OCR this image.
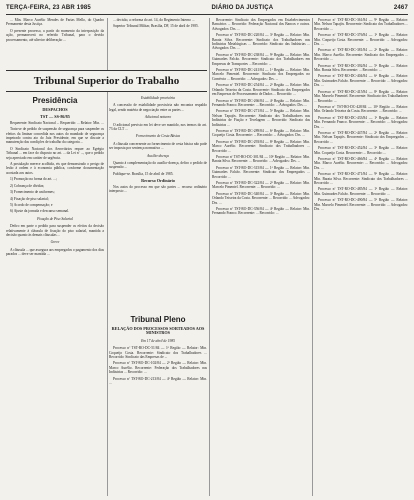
TERÇA-FEIRA, 23 ABR 1985	DIÁRIO DA JUSTIÇA	2467

... Min. Marco Aurélio Mendes de Farias Mello, do Quadro Permanente desta Justiça.

O presente processo, a partir do momento da interposição da ação, permanecerá no referido Tribunal, para o devido processamento, até ulterior deliberação ...

Tribunal Superior do Trabalho
Presidência
DESPACHOS
TST — SS-86/85

Requerente: Sindicato Nacional ... Requerido: ... Relator: Min. ...

Trata-se de pedido de suspensão de segurança para suspender os efeitos da liminar concedida nos autos do mandado de segurança impetrado contra ato do Juiz Presidente, em que se discute a manutenção das condições de trabalho da categoria ...

O Sindicato Nacional dos Aeroviários requer ao Egrégio Tribunal ... em face do disposto no art. ... da Lei nº ..., que o pedido seja apreciado em caráter de urgência.

A postulação merece acolhida, eis que demonstrado o perigo de lesão à ordem e à economia pública, conforme documentação acostada aos autos.

1) Promoção na forma do art. ...;

2) Cobrança de dívidas;

3) Fornecimento de uniformes;

4) Fixação de piso salarial;

5) Acordo de compensação; e

6) Ajuste da jornada e descanso semanal.

Fixação de Piso Salarial

Defiro em parte o pedido para suspender os efeitos da decisão relativamente à cláusula de fixação do piso salarial, mantida a decisão quanto às demais cláusulas ...

Greve

A cláusula ... que assegura aos empregados o pagamento dos dias parados ... deve ser mantida ...

... decisão, a reforma do art. 14, do Regimento Interno ...

Superior Tribunal Militar, Brasília, DF, 15 de abril de 1985.

Estabilidade provisória

A concessão de estabilidade provisória não encontra respaldo legal, sendo matéria de negociação entre as partes ...

Adicional noturno

O adicional previsto em lei deve ser mantido, nos termos do art. 73 da CLT ...

Fornecimento de Cesta Básica

A cláusula concernente ao fornecimento de cesta básica não pode ser imposta por sentença normativa ...

Auxílio-doença

Quanto à complementação do auxílio-doença, defiro o pedido de suspensão ...

Publique-se. Brasília, 15 de abril de 1985.

Recurso Ordinário

Nos autos do processo em que são partes ... recurso ordinário interposto ...

Tribunal Pleno
RELAÇÃO DOS PROCESSOS SORTEADOS AOS MINISTROS
Em 17 de abril de 1985

Processo nº TST-RO-DC-51/84 — 1ª Região — Relator: Min. Coqueijo Costa. Recorrente: Sindicato dos Trabalhadores ... Recorrido: Sindicato das Empresas de ...

Processo nº TST-RO-DC-102/84 — 2ª Região — Relator: Min. Marco Aurélio. Recorrente: Federação dos Trabalhadores nas Indústrias ... Recorrido: ...

Processo nº TST-RO-DC-213/84 — 4ª Região — Relator: Min. ...

Recorrente: Sindicato dos Empregados em Estabelecimentos Bancários ... Recorrido: Federação Nacional dos Bancos e outros. Advogados: Drs. ...

Processo nº TST-RO-DC-220/84 — 3ª Região — Relator: Min. Barata Silva. Recorrente: Sindicato dos Trabalhadores nas Indústrias Metalúrgicas ... Recorrido: Sindicato das Indústrias ... Advogados: Drs. ...

Processo nº TST-RO-DC-238/84 — 9ª Região — Relator: Min. Guimarães Falcão. Recorrente: Sindicato dos Trabalhadores em Empresas de Transportes ... Recorrido: ...

Processo nº TST-RO-DC-241/84 — 1ª Região — Relator: Min. Marcelo Pimentel. Recorrente: Sindicato dos Empregados no Comércio ... Recorrido: ... Advogados: Drs. ...

Processo nº TST-RO-DC-254/84 — 2ª Região — Relator: Min. Orlando Teixeira da Costa. Recorrente: Sindicato dos Empregados em Empresas de Processamento de Dados ... Recorrido: ...

Processo nº TST-RO-DC-266/84 — 4ª Região — Relator: Min. Fernando Franco. Recorrente: ... Recorrido: ... Advogados: Drs. ...

Processo nº TST-RO-DC-271/84 — 5ª Região — Relator: Min. Nelson Tapajós. Recorrente: Sindicato dos Trabalhadores nas Indústrias de Fiação e Tecelagem ... Recorrido: Sindicato das Indústrias ...

Processo nº TST-RO-DC-289/84 — 6ª Região — Relator: Min. Coqueijo Costa. Recorrente: ... Recorrido: ... Advogados: Drs. ...

Processo nº TST-RO-DC-293/84 — 8ª Região — Relator: Min. Marco Aurélio. Recorrente: Sindicato dos Trabalhadores ... Recorrido: ...

Processo nº TST-RO-DC-301/84 — 10ª Região — Relator: Min. Barata Silva. Recorrente: ... Recorrido: ... Advogados: Drs. ...

Processo nº TST-RO-DC-315/84 — 1ª Região — Relator: Min. Guimarães Falcão. Recorrente: Sindicato dos Empregados ... Recorrido: ...

Processo nº TST-RO-DC-322/84 — 2ª Região — Relator: Min. Marcelo Pimentel. Recorrente: ... Recorrido: ...

Processo nº TST-RO-DC-340/84 — 3ª Região — Relator: Min. Orlando Teixeira da Costa. Recorrente: ... Recorrido: ... Advogados: Drs. ...

Processo nº TST-RO-DC-356/84 — 4ª Região — Relator: Min. Fernando Franco. Recorrente: ... Recorrido: ...

Processo nº TST-RO-DC-361/84 — 9ª Região — Relator: Min. Nelson Tapajós. Recorrente: Sindicato dos Trabalhadores ... Recorrido: ...

Processo nº TST-RO-DC-376/84 — 1ª Região — Relator: Min. Coqueijo Costa. Recorrente: ... Recorrido: ... Advogados: Drs. ...

Processo nº TST-RO-DC-381/84 — 2ª Região — Relator: Min. Marco Aurélio. Recorrente: Sindicato dos Empregados ... Recorrido: ...

Processo nº TST-RO-DC-392/84 — 5ª Região — Relator: Min. Barata Silva. Recorrente: ... Recorrido: ...

Processo nº TST-RO-DC-404/84 — 6ª Região — Relator: Min. Guimarães Falcão. Recorrente: ... Recorrido: ... Advogados: Drs. ...

Processo nº TST-RO-DC-415/84 — 8ª Região — Relator: Min. Marcelo Pimentel. Recorrente: Sindicato dos Trabalhadores ... Recorrido: ...

Processo nº TST-RO-DC-428/84 — 10ª Região — Relator: Min. Orlando Teixeira da Costa. Recorrente: ... Recorrido: ...

Processo nº TST-RO-DC-433/84 — 1ª Região — Relator: Min. Fernando Franco. Recorrente: ... Recorrido: ... Advogados: Drs. ...

Processo nº TST-RO-DC-447/84 — 2ª Região — Relator: Min. Nelson Tapajós. Recorrente: Sindicato dos Empregados ... Recorrido: ...

Processo nº TST-RO-DC-452/84 — 3ª Região — Relator: Min. Coqueijo Costa. Recorrente: ... Recorrido: ...

Processo nº TST-RO-DC-466/84 — 4ª Região — Relator: Min. Marco Aurélio. Recorrente: ... Recorrido: ... Advogados: Drs. ...

Processo nº TST-RO-DC-471/84 — 9ª Região — Relator: Min. Barata Silva. Recorrente: Sindicato dos Trabalhadores ... Recorrido: ...

Processo nº TST-RO-DC-485/84 — 1ª Região — Relator: Min. Guimarães Falcão. Recorrente: ... Recorrido: ...

Processo nº TST-RO-DC-490/84 — 5ª Região — Relator: Min. Marcelo Pimentel. Recorrente: ... Recorrido: ... Advogados: Drs. ...
